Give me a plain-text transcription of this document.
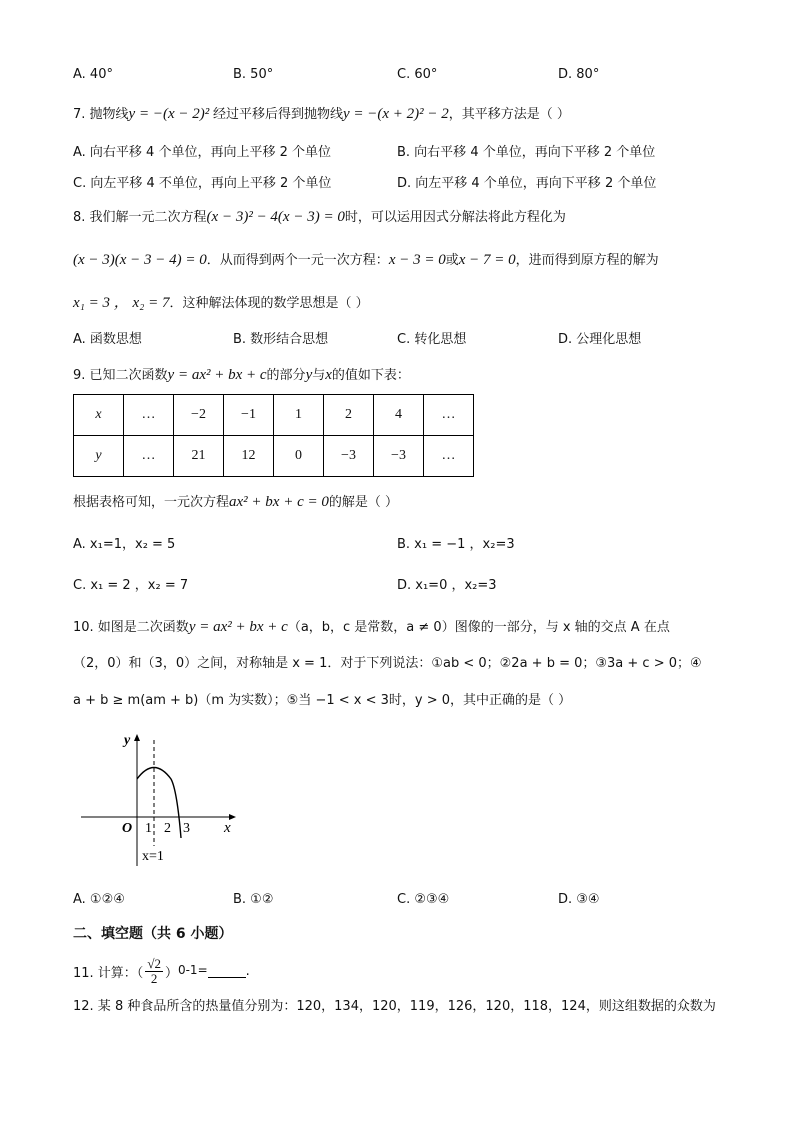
A. 40°	B. 50°	C. 60°	D. 80°
7. 抛物线y = −(x − 2)² 经过平移后得到抛物线y = −(x + 2)² − 2，其平移方法是（ ）
A. 向右平移 4 个单位，再向上平移 2 个单位	B. 向右平移 4 个单位，再向下平移 2 个单位
C. 向左平移 4 不单位，再向上平移 2 个单位	D. 向左平移 4 个单位，再向下平移 2 个单位
8. 我们解一元二次方程(x − 3)² − 4(x − 3) = 0时，可以运用因式分解法将此方程化为
(x − 3)(x − 3 − 4) = 0．从而得到两个一元一次方程：x − 3 = 0或x − 7 = 0，进而得到原方程的解为
x₁ = 3 ， x₂ = 7．这种解法体现的数学思想是（ ）
A. 函数思想	B. 数形结合思想	C. 转化思想	D. 公理化思想
9. 已知二次函数y = ax² + bx + c的部分y与x的值如下表：
x	…	−2	−1	1	2	4	…
y	…	21	12	0	−3	−3	…
根据表格可知，一元次方程ax² + bx + c = 0的解是（ ）
A. x₁=1，x₂ = 5	B. x₁ = −1 ，x₂=3
C. x₁ = 2 ，x₂ = 7	D. x₁=0 ，x₂=3
10. 如图是二次函数y = ax² + bx + c（a，b，c 是常数，a ≠ 0）图像的一部分，与 x 轴的交点 A 在点
（2，0）和（3，0）之间，对称轴是 x = 1．对于下列说法：①ab < 0；②2a + b = 0；③3a + c > 0；④
a + b ≥ m(am + b)（m 为实数）；⑤当 −1 < x < 3时，y > 0，其中正确的是（ ）
y
x
O 1 2 3
x=1
A. ①②④	B. ①②	C. ②③④	D. ③④
二、填空题（共 6 小题）
11. 计算：（ $\frac{√2}{2}$ ） 0-1=	.
12. 某 8 种食品所含的热量值分别为：120，134，120，119，126，120，118，124，则这组数据的众数为
